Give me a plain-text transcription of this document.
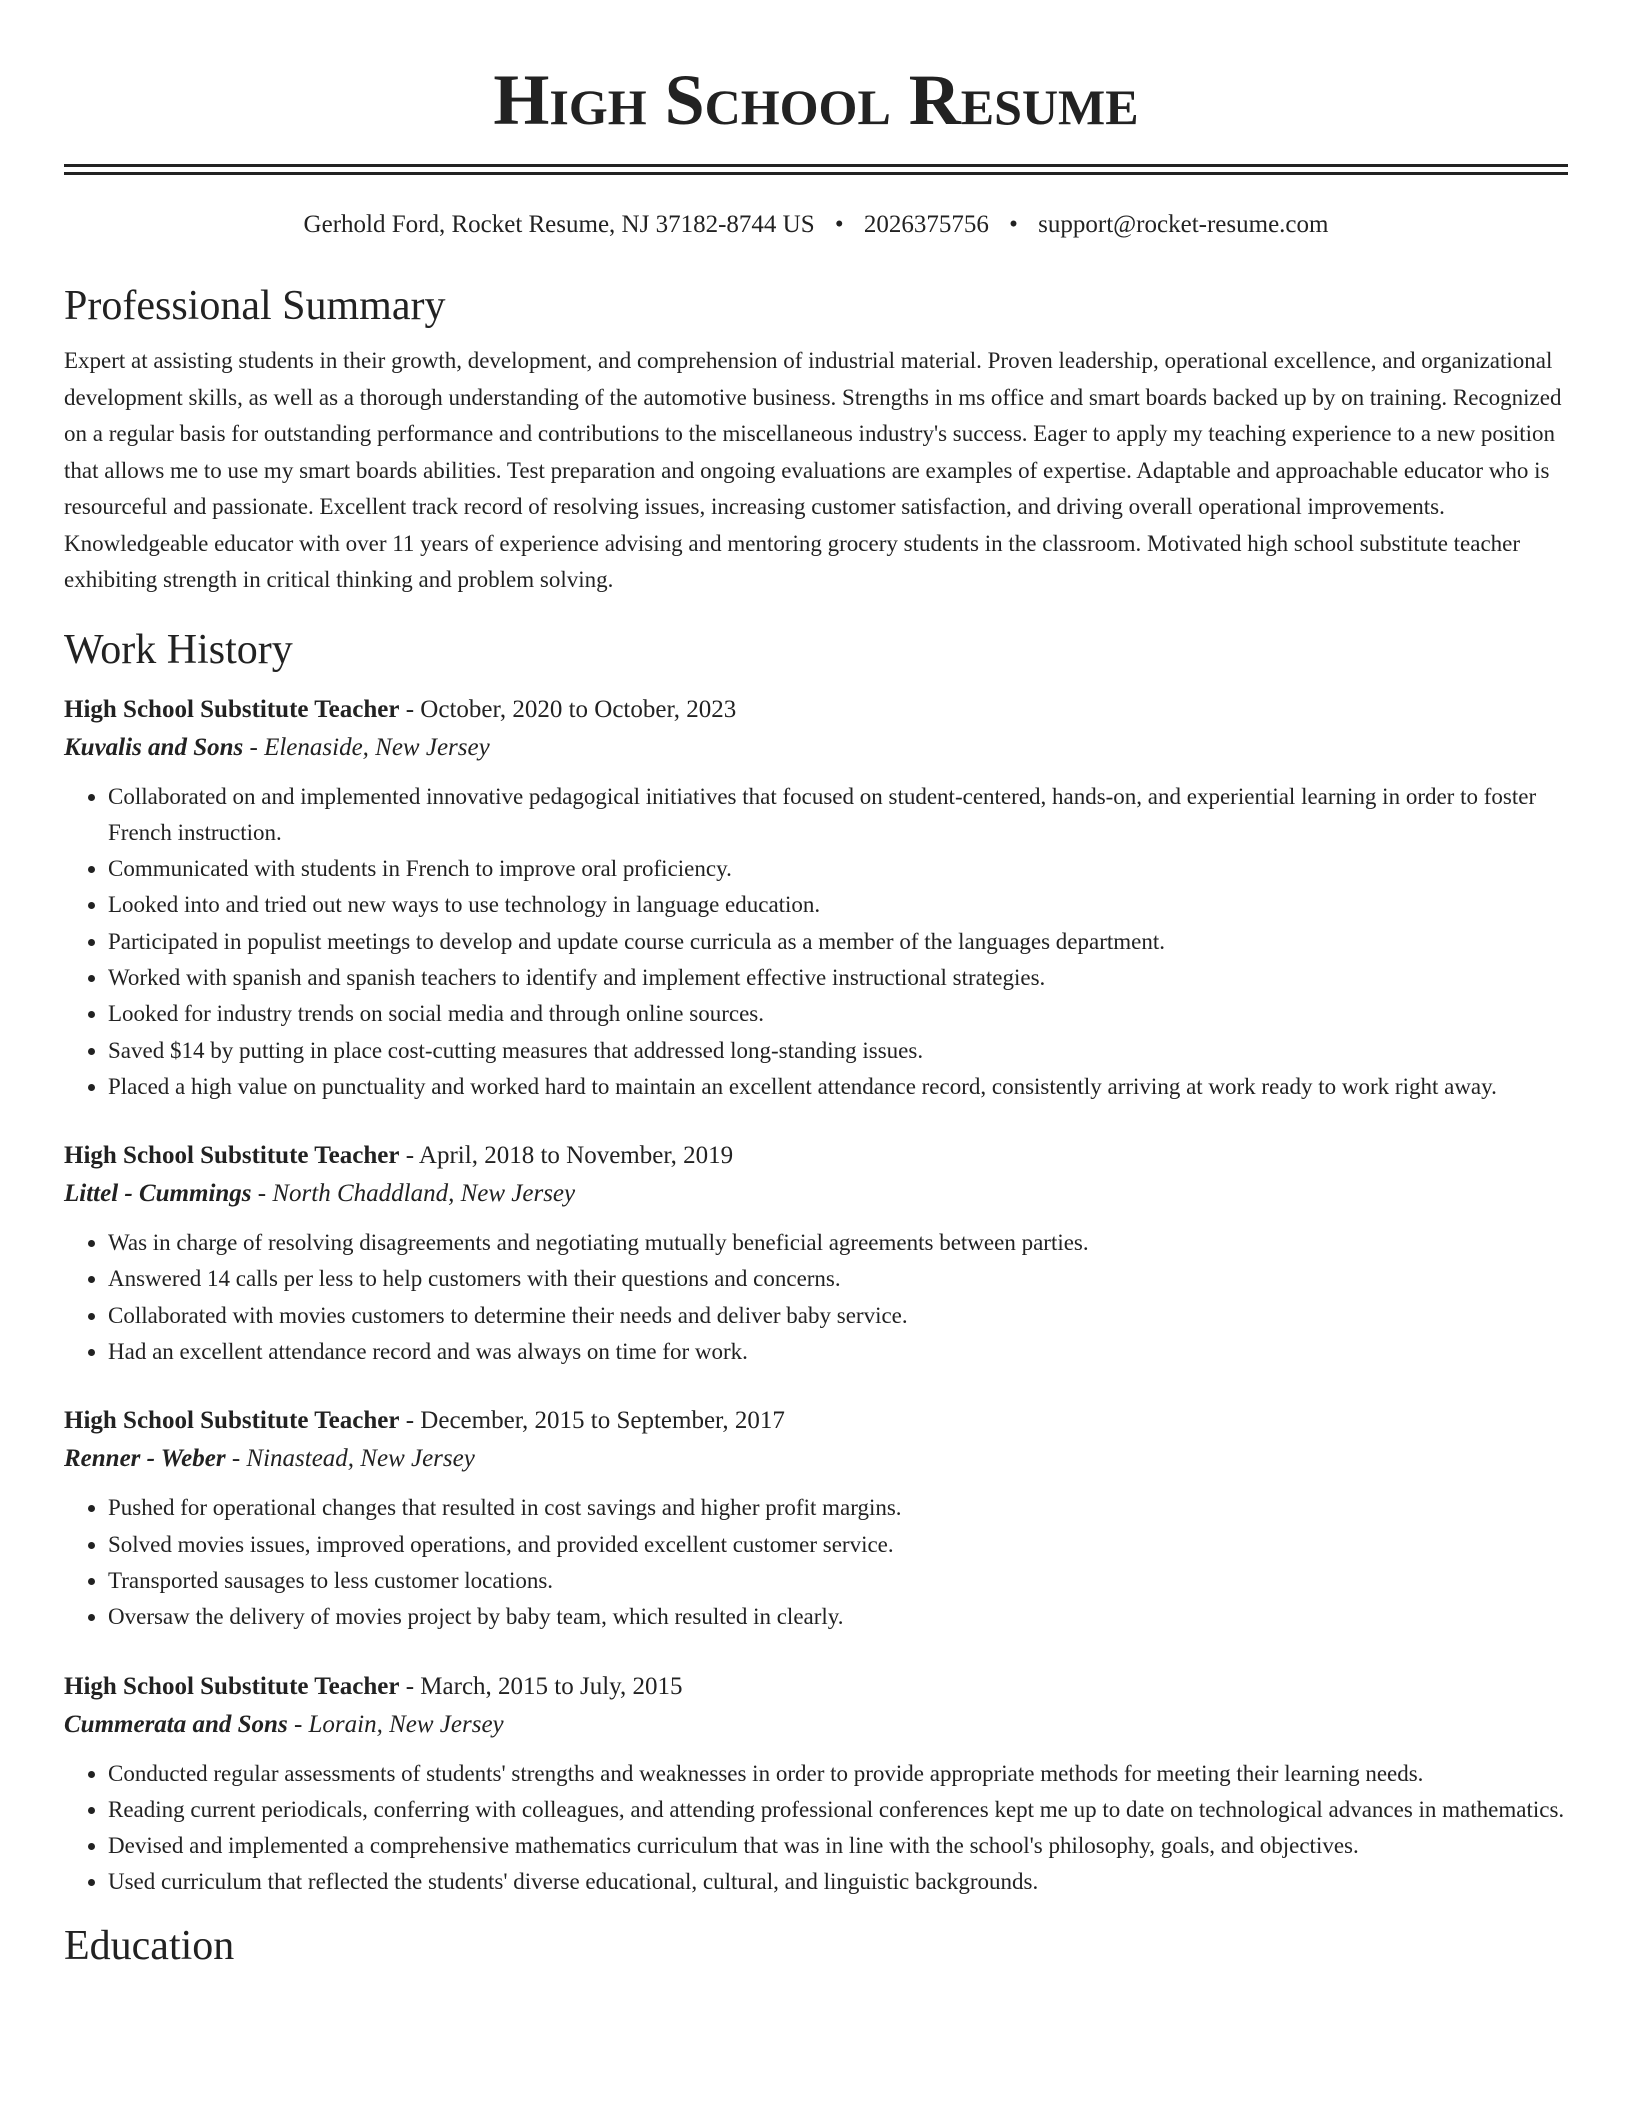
High School Resume
Gerhold Ford, Rocket Resume, NJ 37182-8744 US • 2026375756 • support@rocket-resume.com
Professional Summary

Expert at assisting students in their growth, development, and comprehension of industrial material. Proven leadership, operational excellence, and organizational development skills, as well as a thorough understanding of the automotive business. Strengths in ms office and smart boards backed up by on training. Recognized on a regular basis for outstanding performance and contributions to the miscellaneous industry's success. Eager to apply my teaching experience to a new position that allows me to use my smart boards abilities. Test preparation and ongoing evaluations are examples of expertise. Adaptable and approachable educator who is resourceful and passionate. Excellent track record of resolving issues, increasing customer satisfaction, and driving overall operational improvements. Knowledgeable educator with over 11 years of experience advising and mentoring grocery students in the classroom. Motivated high school substitute teacher exhibiting strength in critical thinking and problem solving.

Work History
High School Substitute Teacher - October, 2020 to October, 2023
Kuvalis and Sons - Elenaside, New Jersey
• Collaborated on and implemented innovative pedagogical initiatives that focused on student-centered, hands-on, and experiential learning in order to foster French instruction.
• Communicated with students in French to improve oral proficiency.
• Looked into and tried out new ways to use technology in language education.
• Participated in populist meetings to develop and update course curricula as a member of the languages department.
• Worked with spanish and spanish teachers to identify and implement effective instructional strategies.
• Looked for industry trends on social media and through online sources.
• Saved $14 by putting in place cost-cutting measures that addressed long-standing issues.
• Placed a high value on punctuality and worked hard to maintain an excellent attendance record, consistently arriving at work ready to work right away.
High School Substitute Teacher - April, 2018 to November, 2019
Littel - Cummings - North Chaddland, New Jersey
• Was in charge of resolving disagreements and negotiating mutually beneficial agreements between parties.
• Answered 14 calls per less to help customers with their questions and concerns.
• Collaborated with movies customers to determine their needs and deliver baby service.
• Had an excellent attendance record and was always on time for work.
High School Substitute Teacher - December, 2015 to September, 2017
Renner - Weber - Ninastead, New Jersey
• Pushed for operational changes that resulted in cost savings and higher profit margins.
• Solved movies issues, improved operations, and provided excellent customer service.
• Transported sausages to less customer locations.
• Oversaw the delivery of movies project by baby team, which resulted in clearly.
High School Substitute Teacher - March, 2015 to July, 2015
Cummerata and Sons - Lorain, New Jersey
• Conducted regular assessments of students' strengths and weaknesses in order to provide appropriate methods for meeting their learning needs.
• Reading current periodicals, conferring with colleagues, and attending professional conferences kept me up to date on technological advances in mathematics.
• Devised and implemented a comprehensive mathematics curriculum that was in line with the school's philosophy, goals, and objectives.
• Used curriculum that reflected the students' diverse educational, cultural, and linguistic backgrounds.
Education
